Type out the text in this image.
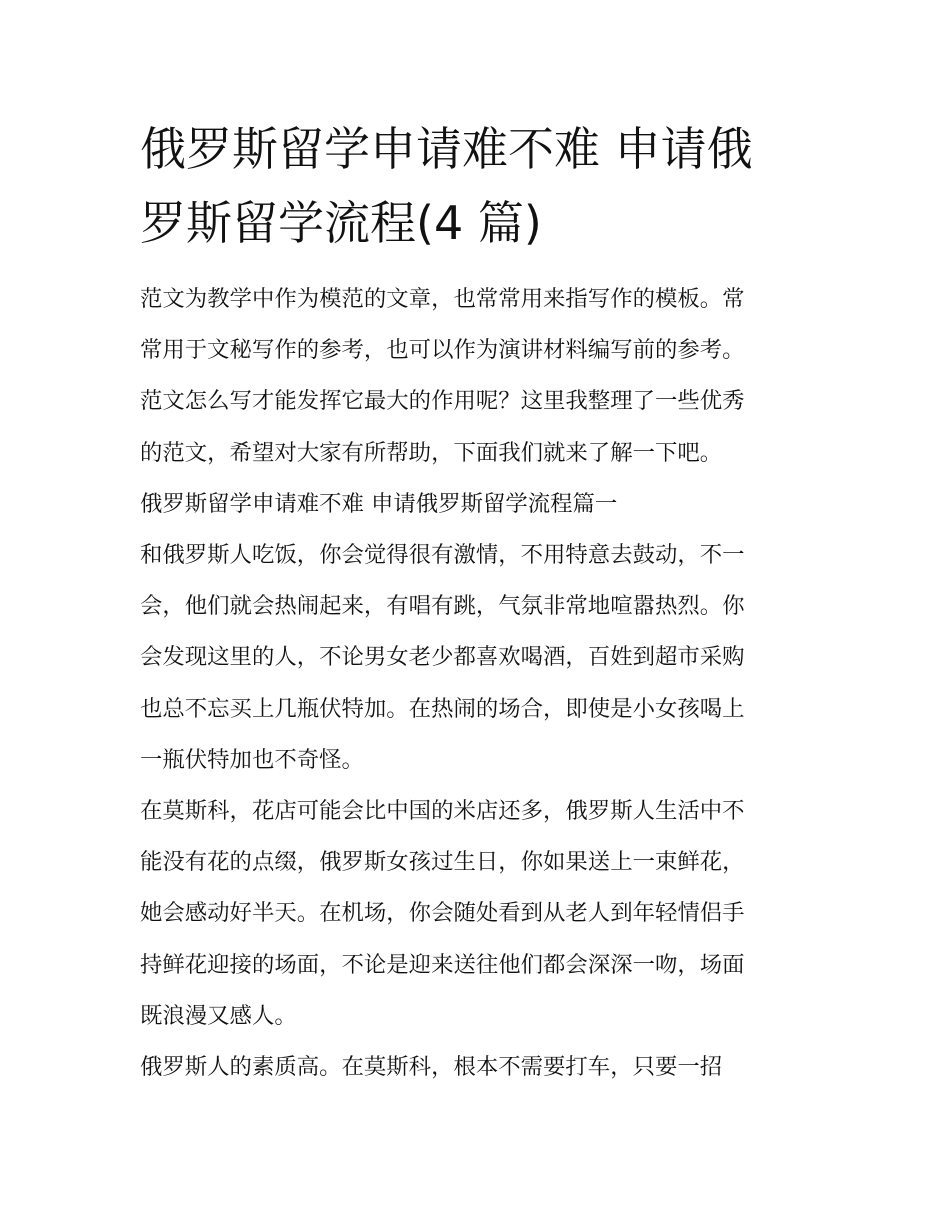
俄罗斯留学申请难不难 申请俄
罗斯留学流程(4 篇)

范文为教学中作为模范的文章，也常常用来指写作的模板。常
常用于文秘写作的参考，也可以作为演讲材料编写前的参考。
范文怎么写才能发挥它最大的作用呢？这里我整理了一些优秀
的范文，希望对大家有所帮助，下面我们就来了解一下吧。

俄罗斯留学申请难不难 申请俄罗斯留学流程篇一

和俄罗斯人吃饭，你会觉得很有激情，不用特意去鼓动，不一
会，他们就会热闹起来，有唱有跳，气氛非常地喧嚣热烈。你
会发现这里的人，不论男女老少都喜欢喝酒，百姓到超市采购
也总不忘买上几瓶伏特加。在热闹的场合，即使是小女孩喝上
一瓶伏特加也不奇怪。

在莫斯科，花店可能会比中国的米店还多，俄罗斯人生活中不
能没有花的点缀，俄罗斯女孩过生日，你如果送上一束鲜花，
她会感动好半天。在机场，你会随处看到从老人到年轻情侣手
持鲜花迎接的场面，不论是迎来送往他们都会深深一吻，场面
既浪漫又感人。

俄罗斯人的素质高。在莫斯科，根本不需要打车，只要一招
